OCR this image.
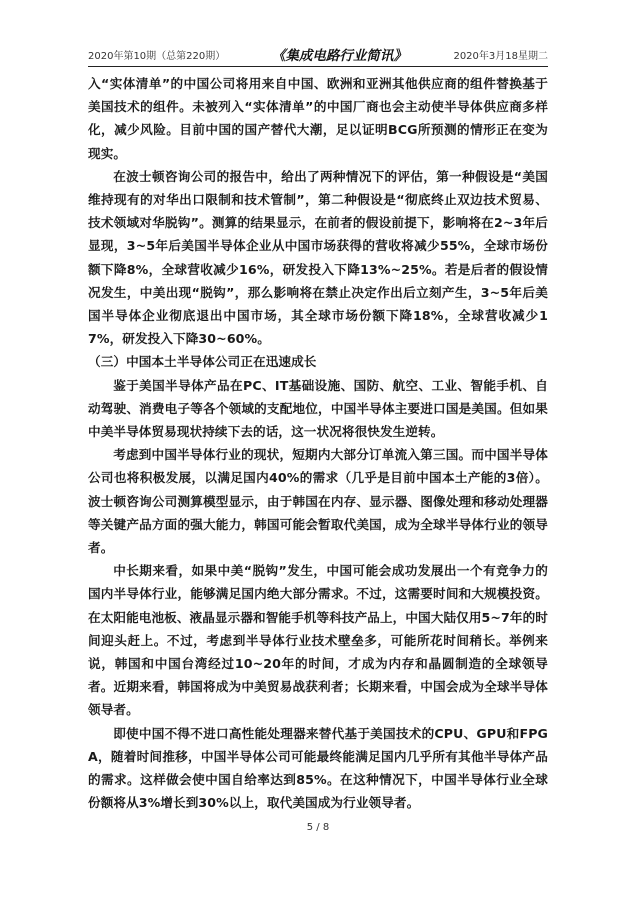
2020年第10期（总第220期）	《集成电路行业简讯》	2020年3月18星期二

入“实体清单”的中国公司将用来自中国、欧洲和亚洲其他供应商的组件替换基于美国技术的组件。未被列入“实体清单”的中国厂商也会主动使半导体供应商多样化，减少风险。目前中国的国产替代大潮，足以证明BCG所预测的情形正在变为现实。

在波士顿咨询公司的报告中，给出了两种情况下的评估，第一种假设是“美国维持现有的对华出口限制和技术管制”，第二种假设是“彻底终止双边技术贸易、技术领域对华脱钩”。测算的结果显示，在前者的假设前提下，影响将在2~3年后显现，3~5年后美国半导体企业从中国市场获得的营收将减少55%，全球市场份额下降8%，全球营收减少16%，研发投入下降13%~25%。若是后者的假设情况发生，中美出现“脱钩”，那么影响将在禁止决定作出后立刻产生，3~5年后美国半导体企业彻底退出中国市场，其全球市场份额下降18%，全球营收减少17%，研发投入下降30~60%。

（三）中国本土半导体公司正在迅速成长

鉴于美国半导体产品在PC、IT基础设施、国防、航空、工业、智能手机、自动驾驶、消费电子等各个领域的支配地位，中国半导体主要进口国是美国。但如果中美半导体贸易现状持续下去的话，这一状况将很快发生逆转。

考虑到中国半导体行业的现状，短期内大部分订单流入第三国。而中国半导体公司也将积极发展，以满足国内40%的需求（几乎是目前中国本土产能的3倍）。波士顿咨询公司测算模型显示，由于韩国在内存、显示器、图像处理和移动处理器等关键产品方面的强大能力，韩国可能会暂取代美国，成为全球半导体行业的领导者。

中长期来看，如果中美“脱钩”发生，中国可能会成功发展出一个有竞争力的国内半导体行业，能够满足国内绝大部分需求。不过，这需要时间和大规模投资。在太阳能电池板、液晶显示器和智能手机等科技产品上，中国大陆仅用5~7年的时间迎头赶上。不过，考虑到半导体行业技术壁垒多，可能所花时间稍长。举例来说，韩国和中国台湾经过10~20年的时间，才成为内存和晶圆制造的全球领导者。近期来看，韩国将成为中美贸易战获利者；长期来看，中国会成为全球半导体领导者。

即使中国不得不进口高性能处理器来替代基于美国技术的CPU、GPU和FPGA，随着时间推移，中国半导体公司可能最终能满足国内几乎所有其他半导体产品的需求。这样做会使中国自给率达到85%。在这种情况下，中国半导体行业全球份额将从3%增长到30%以上，取代美国成为行业领导者。

5 / 8
